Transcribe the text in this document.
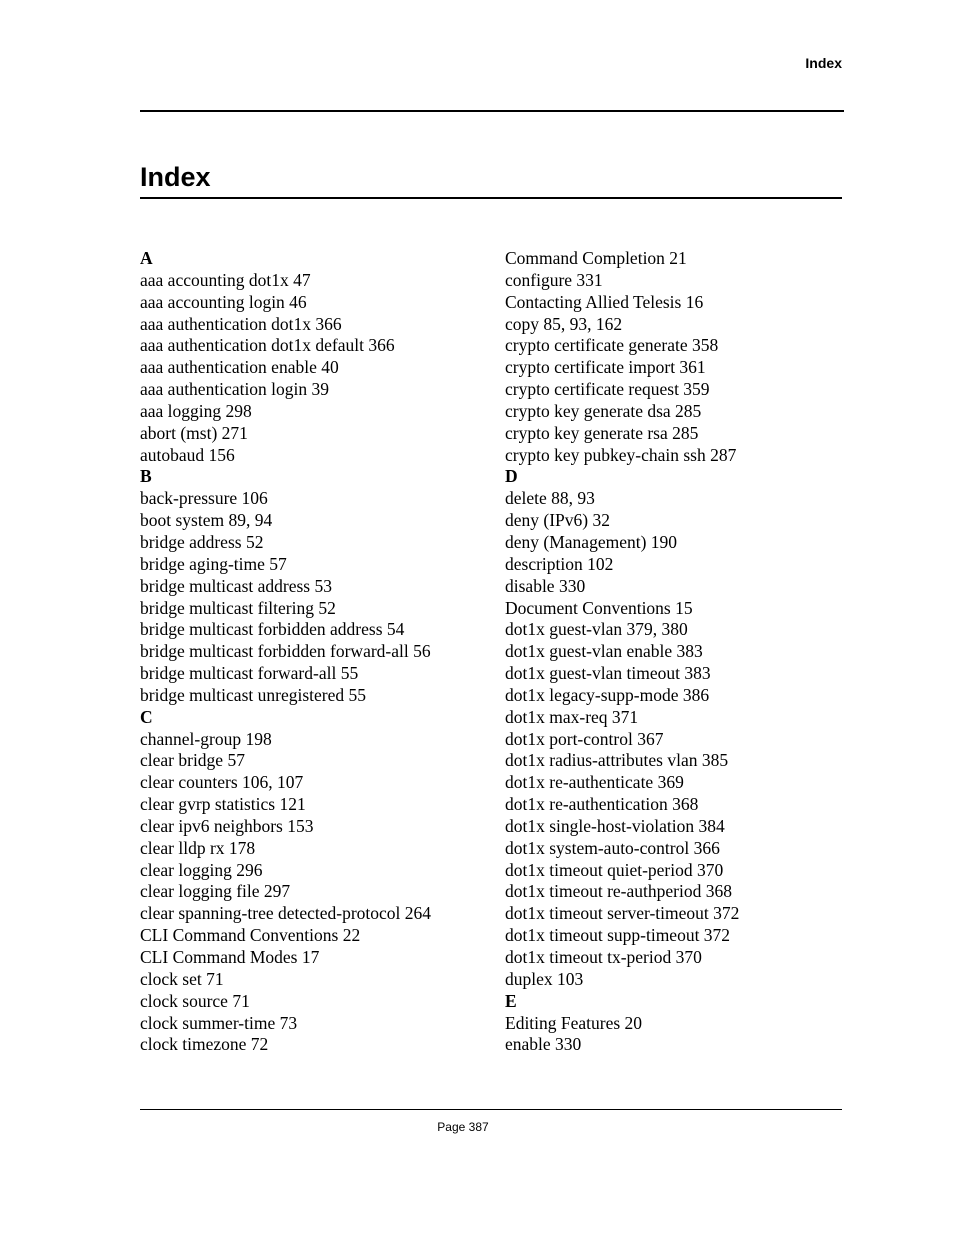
Index
Index
A
aaa accounting dot1x 47
aaa accounting login 46
aaa authentication dot1x 366
aaa authentication dot1x default 366
aaa authentication enable 40
aaa authentication login 39
aaa logging 298
abort (mst) 271
autobaud 156
B
back-pressure 106
boot system 89, 94
bridge address 52
bridge aging-time 57
bridge multicast address 53
bridge multicast filtering 52
bridge multicast forbidden address 54
bridge multicast forbidden forward-all 56
bridge multicast forward-all 55
bridge multicast unregistered 55
C
channel-group 198
clear bridge 57
clear counters 106, 107
clear gvrp statistics 121
clear ipv6 neighbors 153
clear lldp rx 178
clear logging 296
clear logging file 297
clear spanning-tree detected-protocol 264
CLI Command Conventions 22
CLI Command Modes 17
clock set 71
clock source 71
clock summer-time 73
clock timezone 72
Command Completion 21
configure 331
Contacting Allied Telesis 16
copy 85, 93, 162
crypto certificate generate 358
crypto certificate import 361
crypto certificate request 359
crypto key generate dsa 285
crypto key generate rsa 285
crypto key pubkey-chain ssh 287
D
delete 88, 93
deny (IPv6) 32
deny (Management) 190
description 102
disable 330
Document Conventions 15
dot1x guest-vlan 379, 380
dot1x guest-vlan enable 383
dot1x guest-vlan timeout 383
dot1x legacy-supp-mode 386
dot1x max-req 371
dot1x port-control 367
dot1x radius-attributes vlan 385
dot1x re-authenticate 369
dot1x re-authentication 368
dot1x single-host-violation 384
dot1x system-auto-control 366
dot1x timeout quiet-period 370
dot1x timeout re-authperiod 368
dot1x timeout server-timeout 372
dot1x timeout supp-timeout 372
dot1x timeout tx-period 370
duplex 103
E
Editing Features 20
enable 330
Page 387
